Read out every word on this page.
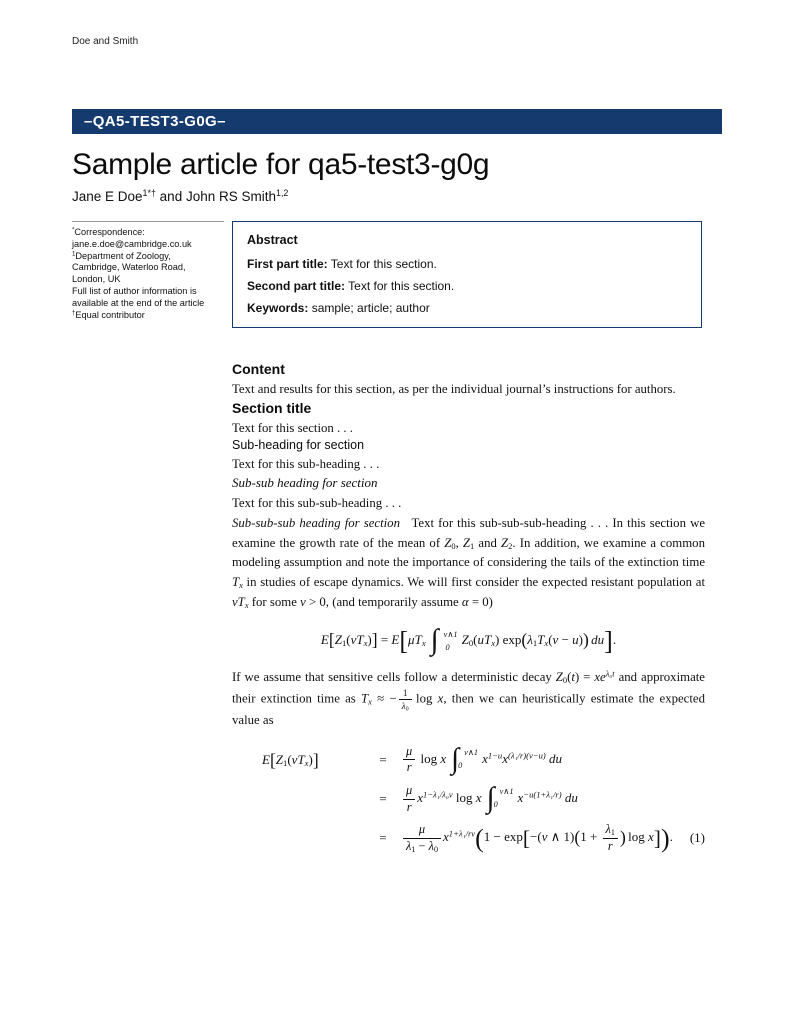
Doe and Smith
–QA5-TEST3-G0G–
Sample article for qa5-test3-g0g
Jane E Doe$^{1*\dagger}$ and John RS Smith$^{1,2}$
*Correspondence:
jane.e.doe@cambridge.co.uk
$^1$Department of Zoology,
Cambridge, Waterloo Road,
London, UK
Full list of author information is
available at the end of the article
†Equal contributor
Abstract
First part title: Text for this section.
Second part title: Text for this section.
Keywords: sample; article; author
Content

Text and results for this section, as per the individual journal’s instructions for authors.

Section title

Text for this section . . .

Sub-heading for section

Text for this sub-heading . . .

Sub-sub heading for section

Text for this sub-sub-heading . . .

Sub-sub-sub heading for section Text for this sub-sub-sub-heading . . . In this section we examine the growth rate of the mean of Z0, Z1 and Z2. In addition, we examine a common modeling assumption and note the importance of considering the tails of the extinction time Tx in studies of escape dynamics. We will first consider the expected resistant population at vTx for some v > 0, (and temporarily assume α = 0)

E[Z1(vTx)] = E[μTx ∫ v∧1
0 Z0(uTx) exp(λ1Tx(v − u)) du].

If we assume that sensitive cells follow a deterministic decay $Z0(t) = xe^{\lambda_0t}$ and approximate their extinction time as Tx ≈ − $\frac{1}{\lambda 0}$ log x, then we can heuristically estimate the expected value as

E[Z1(vTx)]	=	$\frac{\mu}{r}$ log x ∫ v∧1
0	$x^{1-u}x^{(\lambda_1/r)(v-u)}$ du
=	$\frac{\mu}{r} x^{1-\lambda_1/\lambda_0v}$ log x ∫ v∧1
0	$x^{-u(1+\lambda_1/r)}$ du
=	$\frac{\mu}{\lambda 1 - \lambda 0} x^{1+\lambda_1/rv}(1 - \exp[-(v$ ∧ $1)(1 + \frac{\lambda 1}{r}$ ) log x]).	(1)
